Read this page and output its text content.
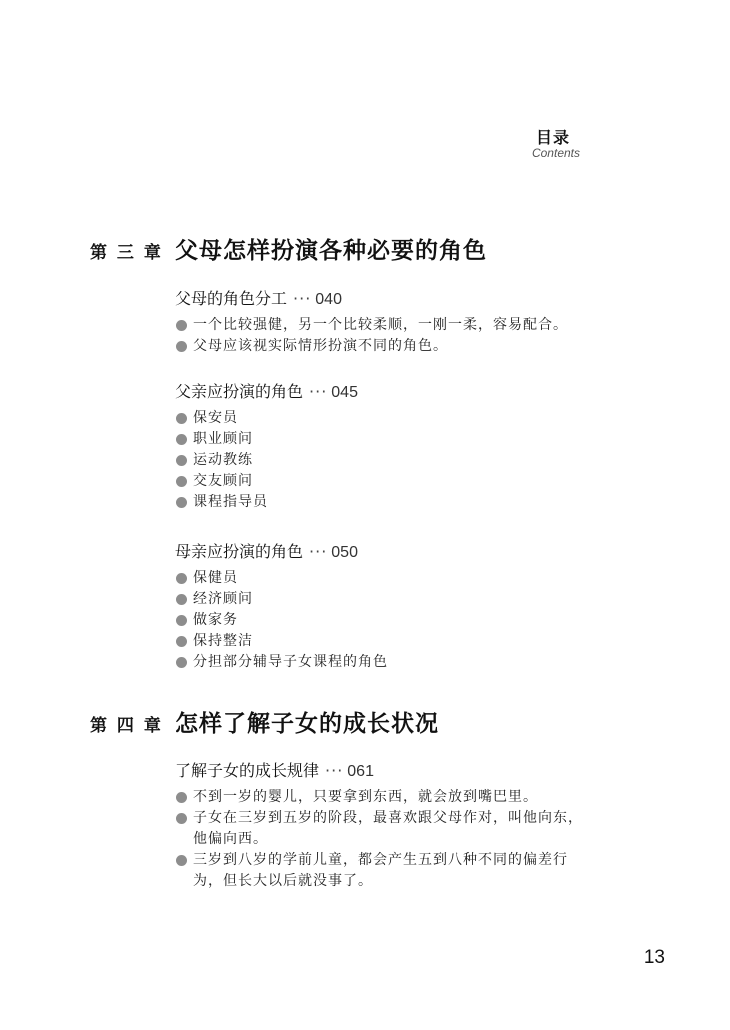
目录
Contents
第 三 章 父母怎样扮演各种必要的角色
父母的角色分工 ··· 040
一个比较强健，另一个比较柔顺，一刚一柔，容易配合。
父母应该视实际情形扮演不同的角色。
父亲应扮演的角色 ··· 045
保安员
职业顾问
运动教练
交友顾问
课程指导员
母亲应扮演的角色 ··· 050
保健员
经济顾问
做家务
保持整洁
分担部分辅导子女课程的角色
第 四 章 怎样了解子女的成长状况
了解子女的成长规律 ··· 061
不到一岁的婴儿，只要拿到东西，就会放到嘴巴里。
子女在三岁到五岁的阶段，最喜欢跟父母作对，叫他向东，他偏向西。
三岁到八岁的学前儿童，都会产生五到八种不同的偏差行为，但长大以后就没事了。
13
